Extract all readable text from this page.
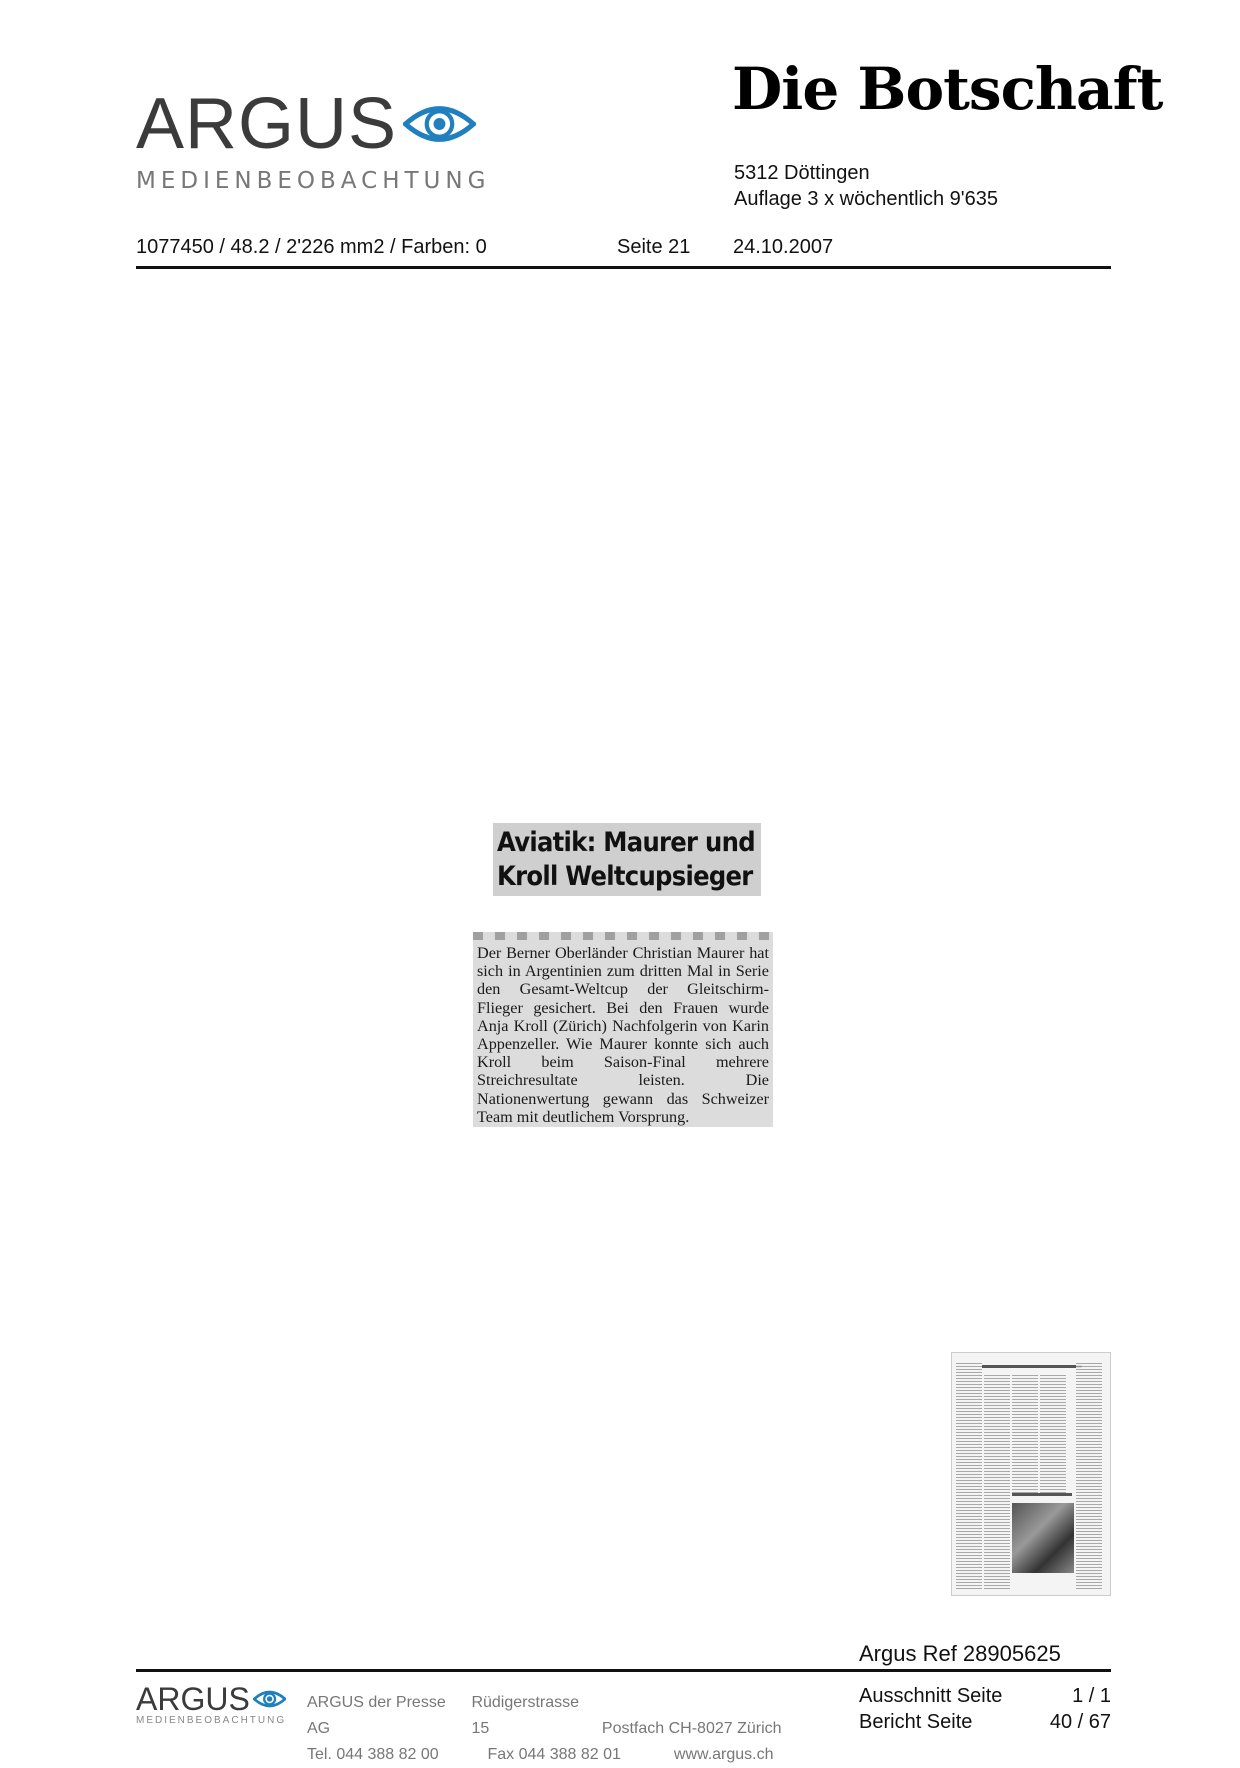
ARGUS
MEDIENBEOBACHTUNG
Die Botschaft
5312 Döttingen
Auflage 3 x wöchentlich 9'635
1077450 / 48.2 / 2'226 mm2 / Farben: 0	Seite 21 24.10.2007
Aviatik: Maurer und
Kroll Weltcupsieger
Der Berner Oberländer Christian Maurer hat sich in Argentinien zum dritten Mal in Serie den Gesamt-Weltcup der Gleitschirm-Flieger gesichert. Bei den Frauen wurde Anja Kroll (Zürich) Nachfolgerin von Karin Appenzeller. Wie Maurer konnte sich auch Kroll beim Saison-Final mehrere Streichresultate leisten. Die Nationenwertung gewann das Schweizer Team mit deutlichem Vorsprung.
Argus Ref 28905625
ARGUS
MEDIENBEOBACHTUNG
ARGUS der Presse AG Rüdigerstrasse 15	Postfach CH-8027 Zürich
Tel. 044 388 82 00	Fax 044 388 82 01	www.argus.ch
Ausschnitt Seite	1 / 1
Bericht Seite	40 / 67
